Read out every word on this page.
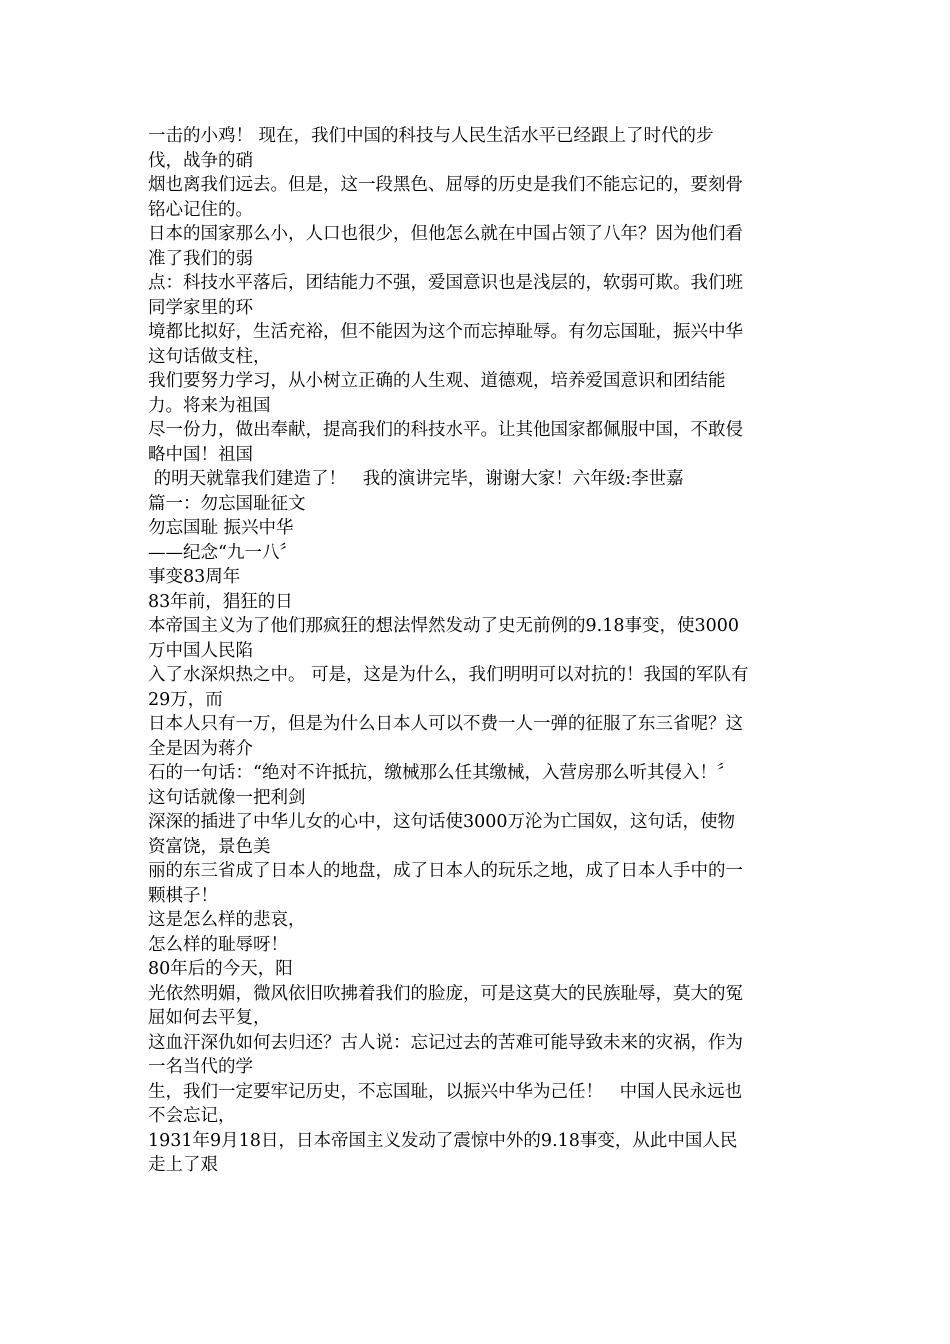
一击的小鸡！ 现在，我们中国的科技与人民生活水平已经跟上了时代的步
伐，战争的硝
烟也离我们远去。但是，这一段黑色、屈辱的历史是我们不能忘记的，要刻骨
铭心记住的。
日本的国家那么小，人口也很少，但他怎么就在中国占领了八年？因为他们看
准了我们的弱
点：科技水平落后，团结能力不强，爱国意识也是浅层的，软弱可欺。我们班
同学家里的环
境都比拟好，生活充裕，但不能因为这个而忘掉耻辱。有勿忘国耻，振兴中华
这句话做支柱，
我们要努力学习，从小树立正确的人生观、道德观，培养爱国意识和团结能
力。将来为祖国
尽一份力，做出奉献，提高我们的科技水平。让其他国家都佩服中国，不敢侵
略中国！祖国
的明天就靠我们建造了！   我的演讲完毕，谢谢大家！六年级:李世嘉
篇一：勿忘国耻征文
勿忘国耻 振兴中华
——纪念“九一八〞
事变83周年
83年前，猖狂的日
本帝国主义为了他们那疯狂的想法悍然发动了史无前例的9.18事变，使3000
万中国人民陷
入了水深炽热之中。 可是，这是为什么，我们明明可以对抗的！我国的军队有
29万，而
日本人只有一万，但是为什么日本人可以不费一人一弹的征服了东三省呢？这
全是因为蒋介
石的一句话：“绝对不许抵抗，缴械那么任其缴械，入营房那么听其侵入！〞
这句话就像一把利剑
深深的插进了中华儿女的心中，这句话使3000万沦为亡国奴，这句话，使物
资富饶，景色美
丽的东三省成了日本人的地盘，成了日本人的玩乐之地，成了日本人手中的一
颗棋子！
这是怎么样的悲哀，
怎么样的耻辱呀！
80年后的今天，阳
光依然明媚，微风依旧吹拂着我们的脸庞，可是这莫大的民族耻辱，莫大的冤
屈如何去平复，
这血汗深仇如何去归还？古人说：忘记过去的苦难可能导致未来的灾祸，作为
一名当代的学
生，我们一定要牢记历史，不忘国耻，以振兴中华为己任！   中国人民永远也
不会忘记，
1931年9月18日，日本帝国主义发动了震惊中外的9.18事变，从此中国人民
走上了艰
